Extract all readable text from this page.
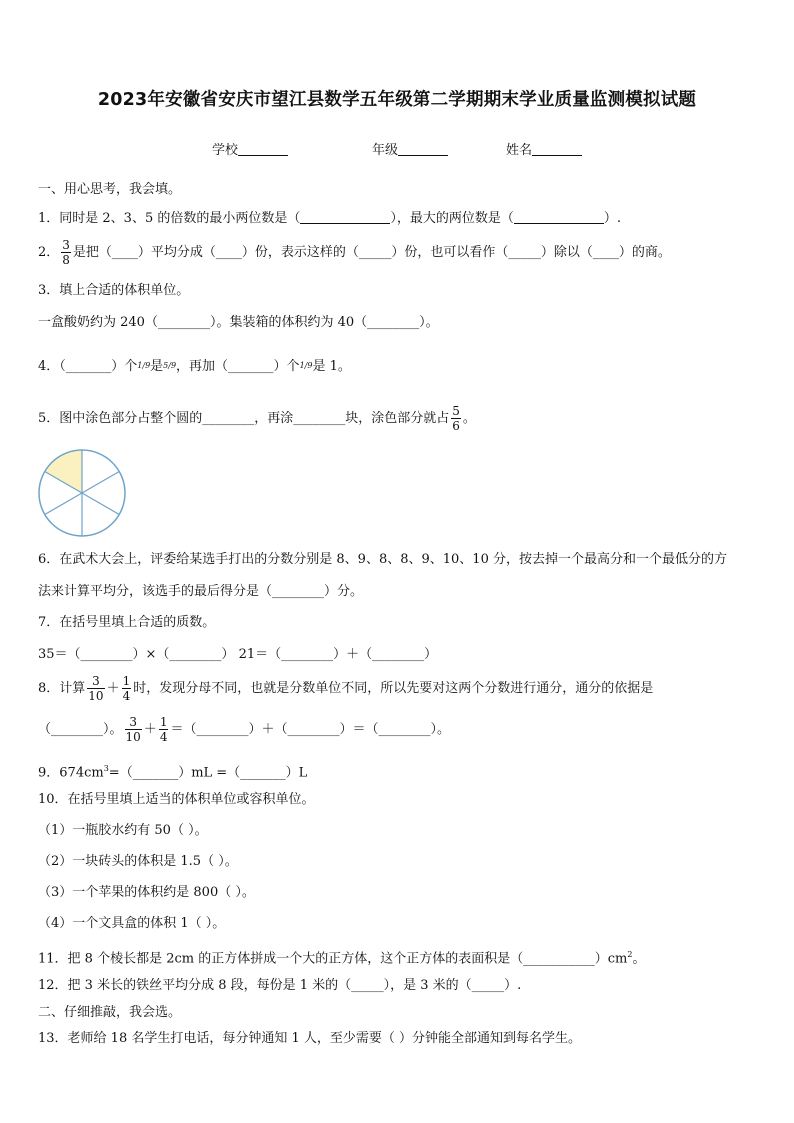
2023年安徽省安庆市望江县数学五年级第二学期期末学业质量监测模拟试题
学校	年级	姓名
一、用心思考，我会填。
1．同时是 2、3、5 的倍数的最小两位数是（	），最大的两位数是（	）.
2． $\frac{3}{8}$ 是把（____）平均分成（____）份，表示这样的（_____）份，也可以看作（_____）除以（____）的商。
3．填上合适的体积单位。
一盒酸奶约为 240（________）。集装箱的体积约为 40（________）。
4．（_______）个1/9是5/9，再加（_______）个1/9是 1。
5．图中涂色部分占整个圆的________，再涂________块，涂色部分就占 $\frac{5}{6}$ 。
6．在武术大会上，评委给某选手打出的分数分别是 8、9、8、8、9、10、10 分，按去掉一个最高分和一个最低分的方
法来计算平均分，该选手的最后得分是（________）分。
7．在括号里填上合适的质数。
35＝（________）×（________） 21＝（________）＋（________）
8．计算 $\frac{3}{10} + \frac{1}{4}$ 时，发现分母不同，也就是分数单位不同，所以先要对这两个分数进行通分，通分的依据是
（________）。 $\frac{3}{10} + \frac{1}{4}$ ＝（________）＋（________）＝（________）。
9．$674cm^3=(\_\_\_\_\_\_\_)mL$ =（_______）L
10．在括号里填上适当的体积单位或容积单位。
（1）一瓶胶水约有 50（ ）。
（2）一块砖头的体积是 1.5（ ）。
（3）一个苹果的体积约是 800（ ）。
（4）一个文具盒的体积 1（ ）。
11．把 8 个棱长都是 2cm 的正方体拼成一个大的正方体，这个正方体的表面积是$(\_\_\_\_\_\_\_\_\_\_\_)cm^2$。
12．把 3 米长的铁丝平均分成 8 段，每份是 1 米的（_____），是 3 米的（_____）.
二、仔细推敲，我会选。
13．老师给 18 名学生打电话，每分钟通知 1 人，至少需要（ ）分钟能全部通知到每名学生。
